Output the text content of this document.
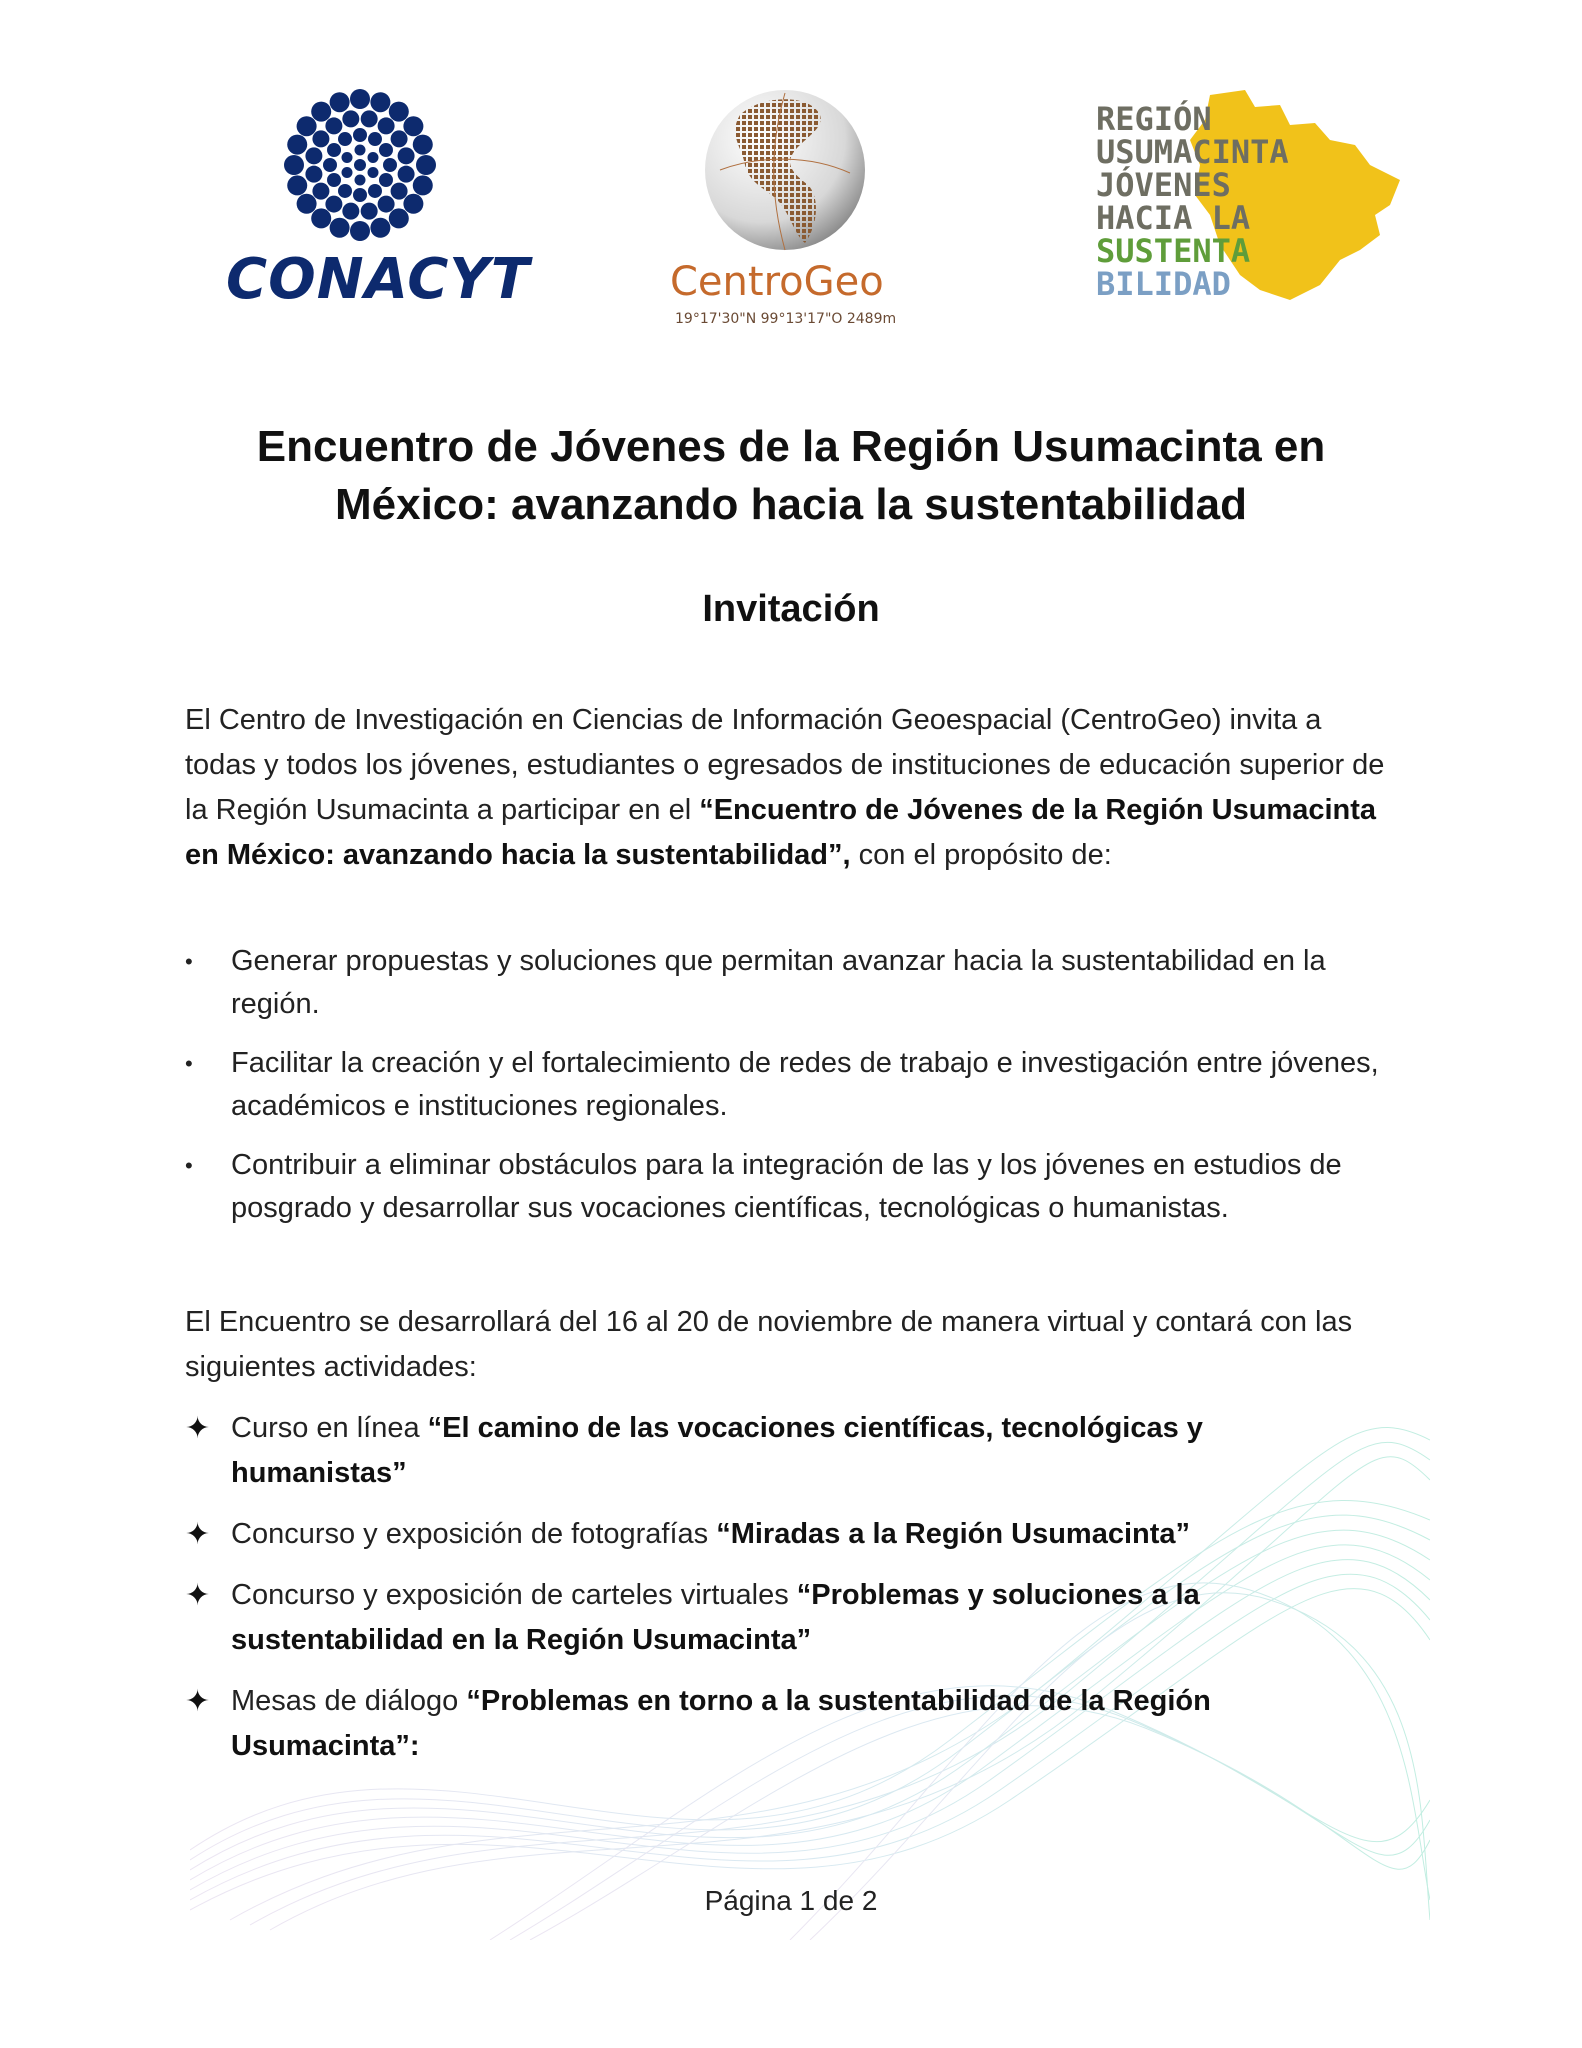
CONACYT	CentroGeo
19°17'30"N 99°13'17"O 2489m
REGIÓN
USUMACINTA
JÓVENES
HACIA LA
SUSTENTA
BILIDAD
Encuentro de Jóvenes de la Región Usumacinta en México: avanzando hacia la sustentabilidad
Invitación
El Centro de Investigación en Ciencias de Información Geoespacial (CentroGeo) invita a todas y todos los jóvenes, estudiantes o egresados de instituciones de educación superior de la Región Usumacinta a participar en el “Encuentro de Jóvenes de la Región Usumacinta en México: avanzando hacia la sustentabilidad”, con el propósito de:
• Generar propuestas y soluciones que permitan avanzar hacia la sustentabilidad en la región.
• Facilitar la creación y el fortalecimiento de redes de trabajo e investigación entre jóvenes, académicos e instituciones regionales.
• Contribuir a eliminar obstáculos para la integración de las y los jóvenes en estudios de posgrado y desarrollar sus vocaciones científicas, tecnológicas o humanistas.
El Encuentro se desarrollará del 16 al 20 de noviembre de manera virtual y contará con las siguientes actividades:
✦ Curso en línea “El camino de las vocaciones científicas, tecnológicas y humanistas”
✦ Concurso y exposición de fotografías “Miradas a la Región Usumacinta”
✦ Concurso y exposición de carteles virtuales “Problemas y soluciones a la sustentabilidad en la Región Usumacinta”
✦ Mesas de diálogo “Problemas en torno a la sustentabilidad de la Región Usumacinta”:
Página 1 de 2
